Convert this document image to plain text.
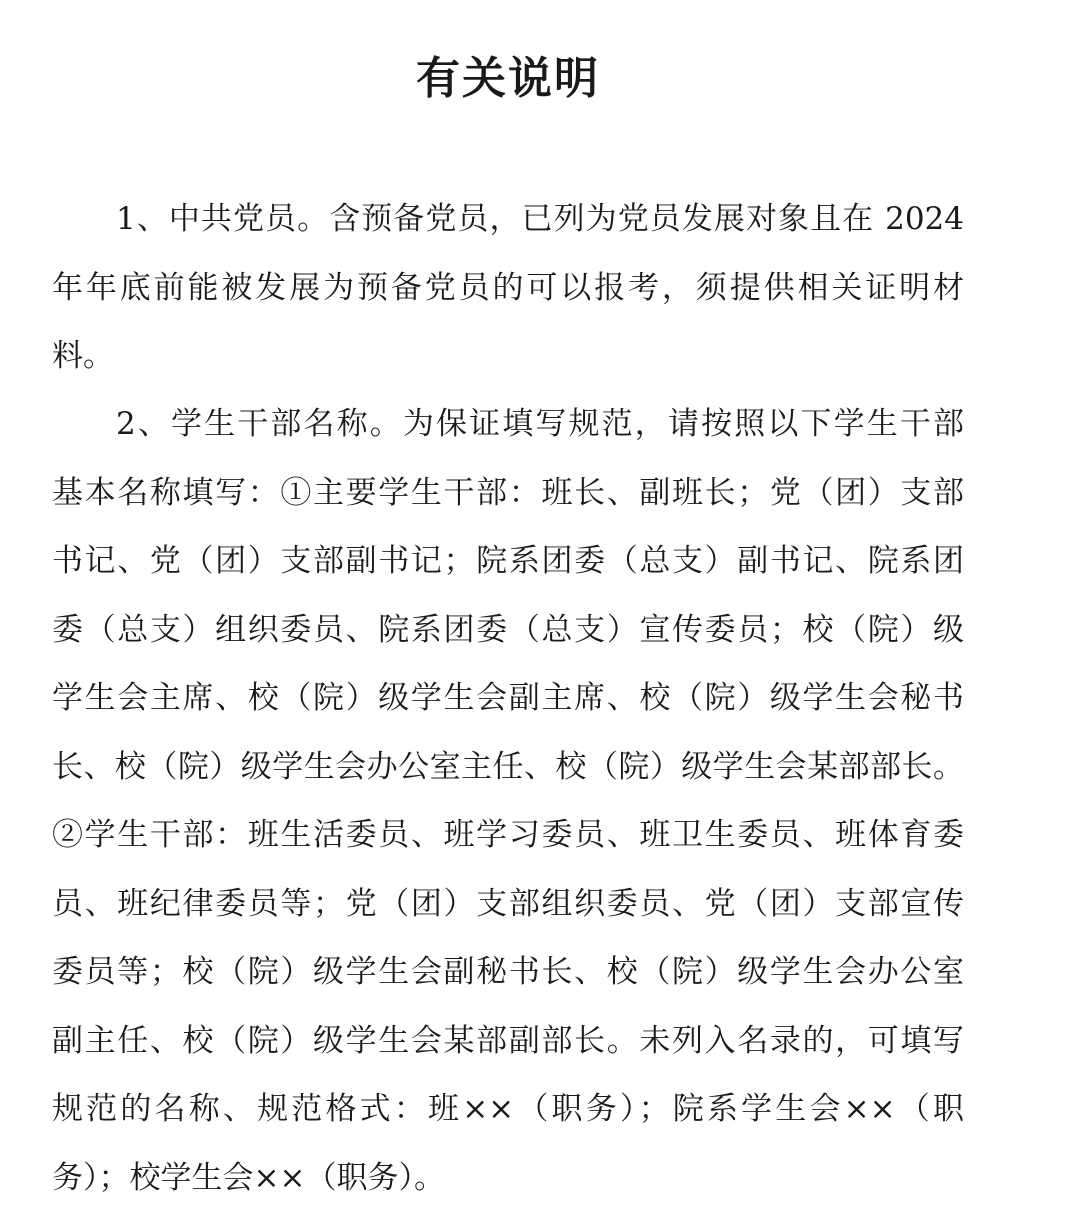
有关说明
1、中共党员。含预备党员，已列为党员发展对象且在 2024
年年底前能被发展为预备党员的可以报考，须提供相关证明材
料。
2、学生干部名称。为保证填写规范，请按照以下学生干部
基本名称填写：①主要学生干部：班长、副班长；党（团）支部
书记、党（团）支部副书记；院系团委（总支）副书记、院系团
委（总支）组织委员、院系团委（总支）宣传委员；校（院）级
学生会主席、校（院）级学生会副主席、校（院）级学生会秘书
长、校（院）级学生会办公室主任、校（院）级学生会某部部长。
②学生干部：班生活委员、班学习委员、班卫生委员、班体育委
员、班纪律委员等；党（团）支部组织委员、党（团）支部宣传
委员等；校（院）级学生会副秘书长、校（院）级学生会办公室
副主任、校（院）级学生会某部副部长。未列入名录的，可填写
规范的名称、规范格式：班××（职务）；院系学生会××（职
务）；校学生会××（职务）。
